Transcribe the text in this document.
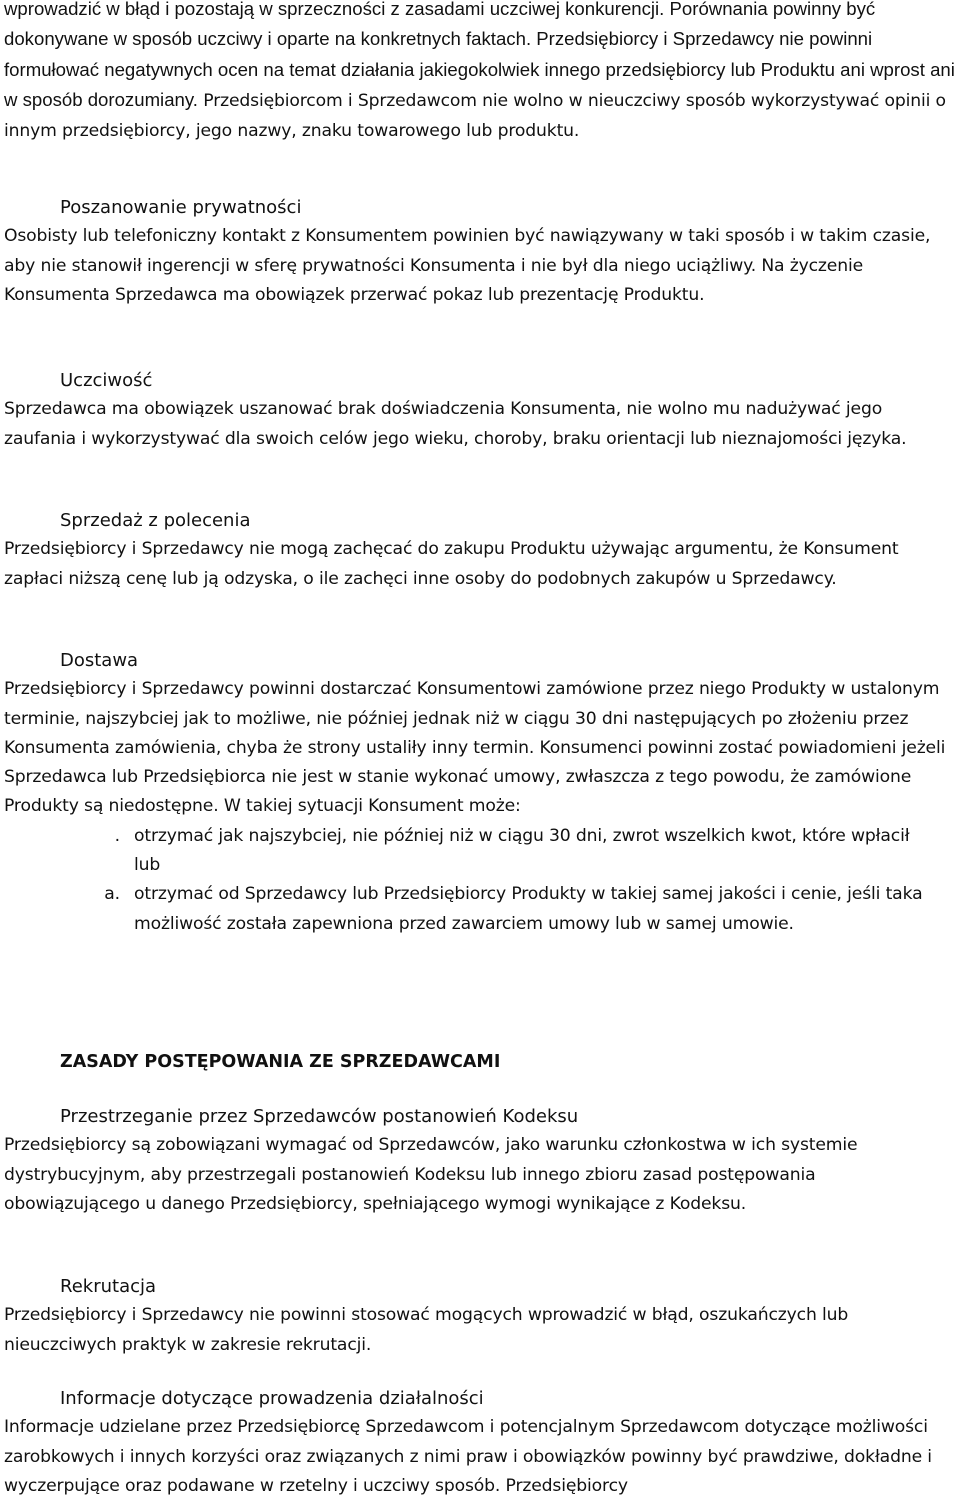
wprowadzić w błąd i pozostają w sprzeczności z zasadami uczciwej konkurencji. Porównania powinny być dokonywane w sposób uczciwy i oparte na konkretnych faktach. Przedsiębiorcy i Sprzedawcy nie powinni formułować negatywnych ocen na temat działania jakiegokolwiek innego przedsiębiorcy lub Produktu ani wprost ani w sposób dorozumiany. Przedsiębiorcom i Sprzedawcom nie wolno w nieuczciwy sposób wykorzystywać opinii o innym przedsiębiorcy, jego nazwy, znaku towarowego lub produktu.

Poszanowanie prywatności

Osobisty lub telefoniczny kontakt z Konsumentem powinien być nawiązywany w taki sposób i w takim czasie, aby nie stanowił ingerencji w sferę prywatności Konsumenta i nie był dla niego uciążliwy. Na życzenie Konsumenta Sprzedawca ma obowiązek przerwać pokaz lub prezentację Produktu.

Uczciwość

Sprzedawca ma obowiązek uszanować brak doświadczenia Konsumenta, nie wolno mu nadużywać jego zaufania i wykorzystywać dla swoich celów jego wieku, choroby, braku orientacji lub nieznajomości języka.

Sprzedaż z polecenia

Przedsiębiorcy i Sprzedawcy nie mogą zachęcać do zakupu Produktu używając argumentu, że Konsument zapłaci niższą cenę lub ją odzyska, o ile zachęci inne osoby do podobnych zakupów u Sprzedawcy.

Dostawa

Przedsiębiorcy i Sprzedawcy powinni dostarczać Konsumentowi zamówione przez niego Produkty w ustalonym terminie, najszybciej jak to możliwe, nie później jednak niż w ciągu 30 dni następujących po złożeniu przez Konsumenta zamówienia, chyba że strony ustaliły inny termin. Konsumenci powinni zostać powiadomieni jeżeli Sprzedawca lub Przedsiębiorca nie jest w stanie wykonać umowy, zwłaszcza z tego powodu, że zamówione Produkty są niedostępne. W takiej sytuacji Konsument może:

. otrzymać jak najszybciej, nie później niż w ciągu 30 dni, zwrot wszelkich kwot, które wpłacił
lub
a. otrzymać od Sprzedawcy lub Przedsiębiorcy Produkty w takiej samej jakości i cenie, jeśli taka możliwość została zapewniona przed zawarciem umowy lub w samej umowie.

ZASADY POSTĘPOWANIA ZE SPRZEDAWCAMI

Przestrzeganie przez Sprzedawców postanowień Kodeksu

Przedsiębiorcy są zobowiązani wymagać od Sprzedawców, jako warunku członkostwa w ich systemie dystrybucyjnym, aby przestrzegali postanowień Kodeksu lub innego zbioru zasad postępowania obowiązującego u danego Przedsiębiorcy, spełniającego wymogi wynikające z Kodeksu.

Rekrutacja

Przedsiębiorcy i Sprzedawcy nie powinni stosować mogących wprowadzić w błąd, oszukańczych lub nieuczciwych praktyk w zakresie rekrutacji.

Informacje dotyczące prowadzenia działalności

Informacje udzielane przez Przedsiębiorcę Sprzedawcom i potencjalnym Sprzedawcom dotyczące możliwości zarobkowych i innych korzyści oraz związanych z nimi praw i obowiązków powinny być prawdziwe, dokładne i wyczerpujące oraz podawane w rzetelny i uczciwy sposób. Przedsiębiorcy
